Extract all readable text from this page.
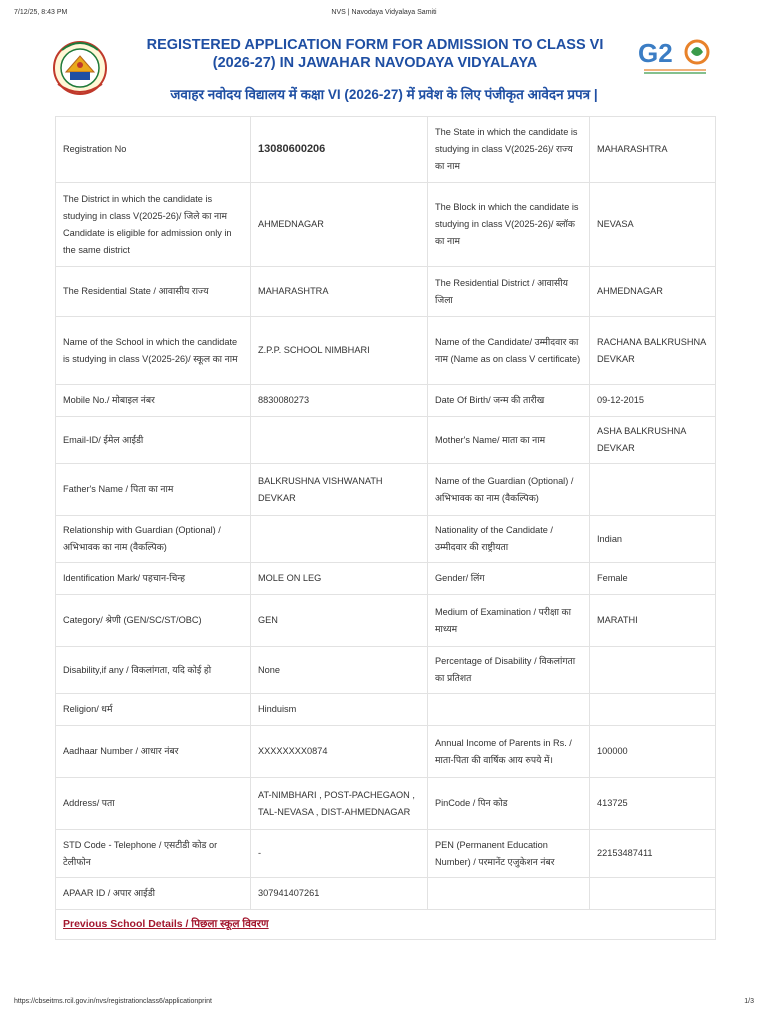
7/12/25, 8:43 PM	NVS | Navodaya Vidyalaya Samiti
REGISTERED APPLICATION FORM FOR ADMISSION TO CLASS VI (2026-27) IN JAWAHAR NAVODAYA VIDYALAYA	G2
जवाहर नवोदय विद्यालय में कक्षा VI (2026-27) में प्रवेश के लिए पंजीकृत आवेदन प्रपत्र |
Registration No	13080600206	The State in which the candidate is studying in class V(2025-26)/ राज्य का नाम	MAHARASHTRA
The District in which the candidate is studying in class V(2025-26)/ जिले का नाम Candidate is eligible for admission only in the same district	AHMEDNAGAR	The Block in which the candidate is studying in class V(2025-26)/ ब्लॉक का नाम	NEVASA
The Residential State / आवासीय राज्य	MAHARASHTRA	The Residential District / आवासीय जिला	AHMEDNAGAR
Name of the School in which the candidate is studying in class V(2025-26)/ स्कूल का नाम	Z.P.P. SCHOOL NIMBHARI	Name of the Candidate/ उम्मीदवार का नाम (Name as on class V certificate)	RACHANA BALKRUSHNA DEVKAR
Mobile No./ मोबाइल नंबर	8830080273	Date Of Birth/ जन्म की तारीख	09-12-2015
Email-ID/ ईमेल आईडी		Mother's Name/ माता का नाम	ASHA BALKRUSHNA DEVKAR
Father's Name / पिता का नाम	BALKRUSHNA VISHWANATH DEVKAR	Name of the Guardian (Optional) / अभिभावक का नाम (वैकल्पिक)	
Relationship with Guardian (Optional) / अभिभावक का नाम (वैकल्पिक)		Nationality of the Candidate / उम्मीदवार की राष्ट्रीयता	Indian
Identification Mark/ पहचान-चिन्ह	MOLE ON LEG	Gender/ लिंग	Female
Category/ श्रेणी (GEN/SC/ST/OBC)	GEN	Medium of Examination / परीक्षा का माध्यम	MARATHI
Disability,if any / विकलांगता, यदि कोई हो	None	Percentage of Disability / विकलांगता का प्रतिशत	
Religion/ धर्म	Hinduism		
Aadhaar Number / आधार नंबर	XXXXXXXX0874	Annual Income of Parents in Rs. / माता-पिता की वार्षिक आय रुपये में।	100000
Address/ पता	AT-NIMBHARI , POST-PACHEGAON , TAL-NEVASA , DIST-AHMEDNAGAR	PinCode / पिन कोड	413725
STD Code - Telephone / एसटीडी कोड or टेलीफोन	-	PEN (Permanent Education Number) / परमानेंट एजुकेशन नंबर	22153487411
APAAR ID / अपार आईडी	307941407261		
Previous School Details / पिछला स्कूल विवरण			
https://cbseitms.rcil.gov.in/nvs/registrationclass6/applicationprint	1/3
